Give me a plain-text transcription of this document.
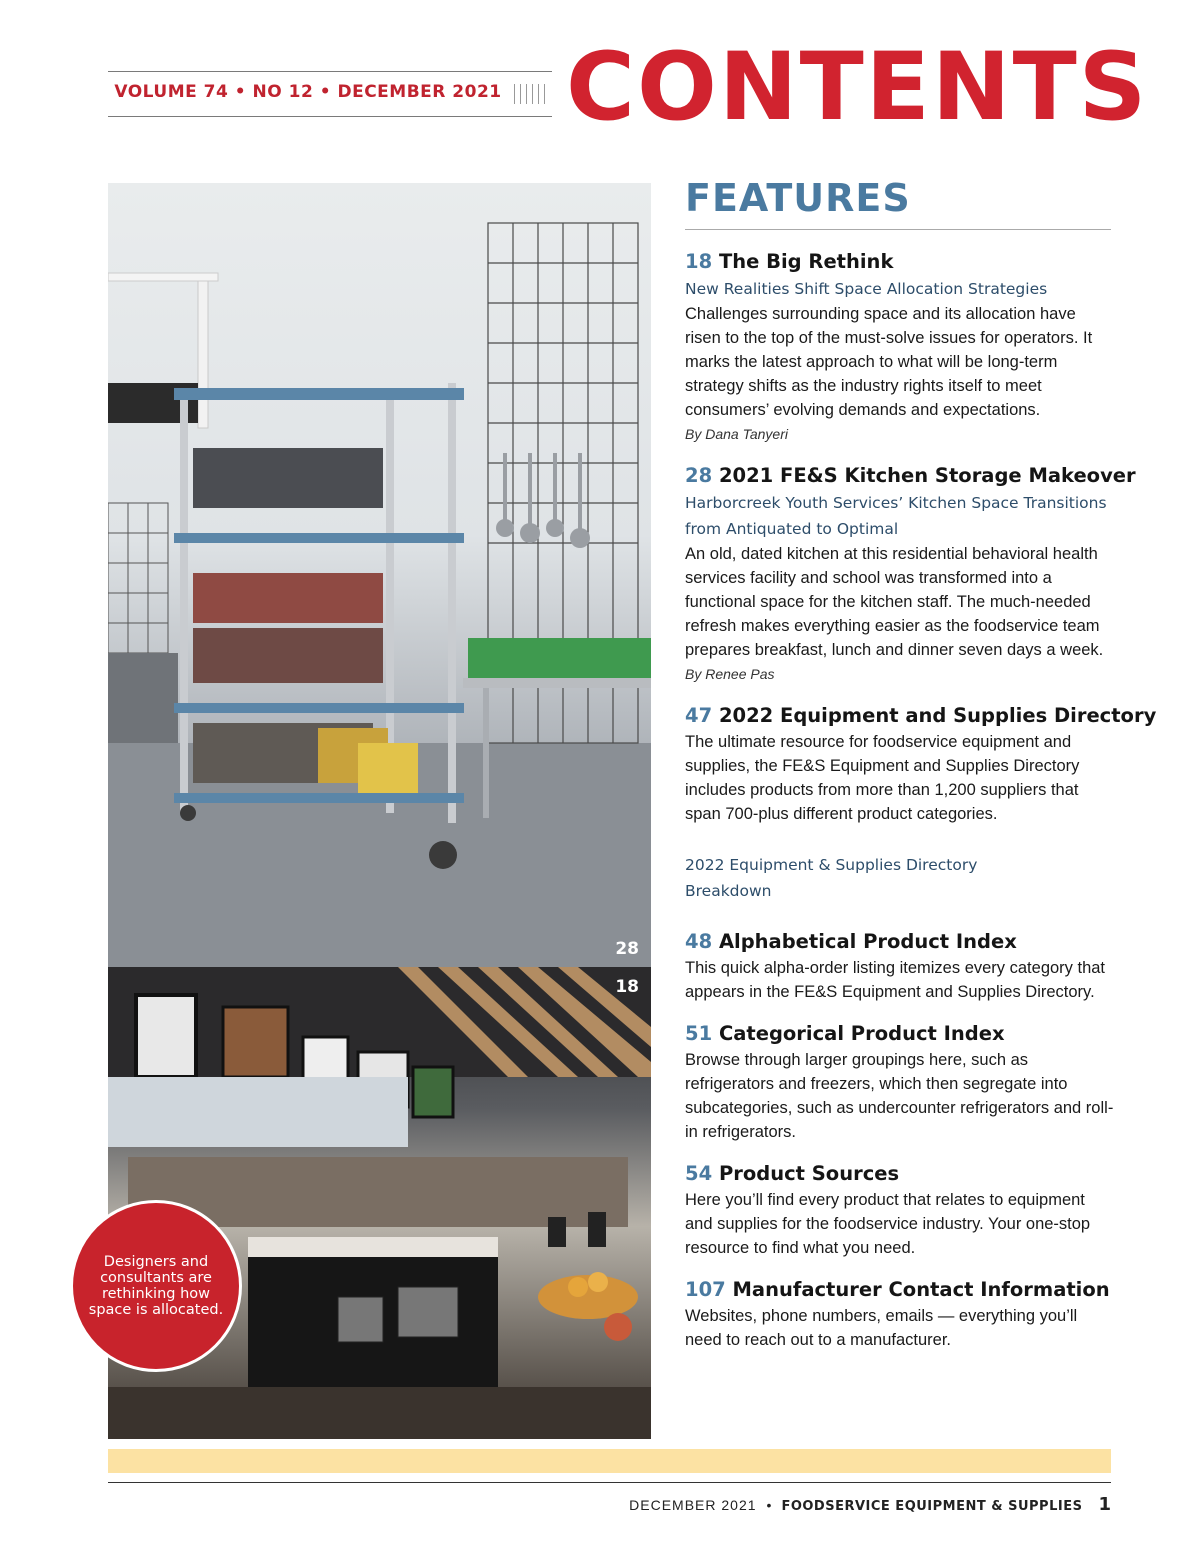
VOLUME 74 • NO 12 • DECEMBER 2021 CONTENTS
28
18
Designers and consultants are rethinking how space is allocated.
FEATURES
18 The Big Rethink
New Realities Shift Space Allocation Strategies
Challenges surrounding space and its allocation have risen to the top of the must-solve issues for operators. It marks the latest approach to what will be long-term strategy shifts as the industry rights itself to meet consumers’ evolving demands and expectations.
By Dana Tanyeri
28 2021 FE&S Kitchen Storage Makeover
Harborcreek Youth Services’ Kitchen Space Transitions from Antiquated to Optimal
An old, dated kitchen at this residential behavioral health services facility and school was transformed into a functional space for the kitchen staff. The much-needed refresh makes everything easier as the foodservice team prepares breakfast, lunch and dinner seven days a week.
By Renee Pas
47 2022 Equipment and Supplies Directory
The ultimate resource for foodservice equipment and supplies, the FE&S Equipment and Supplies Directory includes products from more than 1,200 suppliers that span 700-plus different product categories.
2022 Equipment & Supplies Directory Breakdown
48 Alphabetical Product Index
This quick alpha-order listing itemizes every category that appears in the FE&S Equipment and Supplies Directory.
51 Categorical Product Index
Browse through larger groupings here, such as refrigerators and freezers, which then segregate into subcategories, such as undercounter refrigerators and roll-in refrigerators.
54 Product Sources
Here you’ll find every product that relates to equipment and supplies for the foodservice industry. Your one-stop resource to find what you need.
107 Manufacturer Contact Information
Websites, phone numbers, emails — everything you’ll need to reach out to a manufacturer.
DECEMBER 2021 • FOODSERVICE EQUIPMENT & SUPPLIES 1
